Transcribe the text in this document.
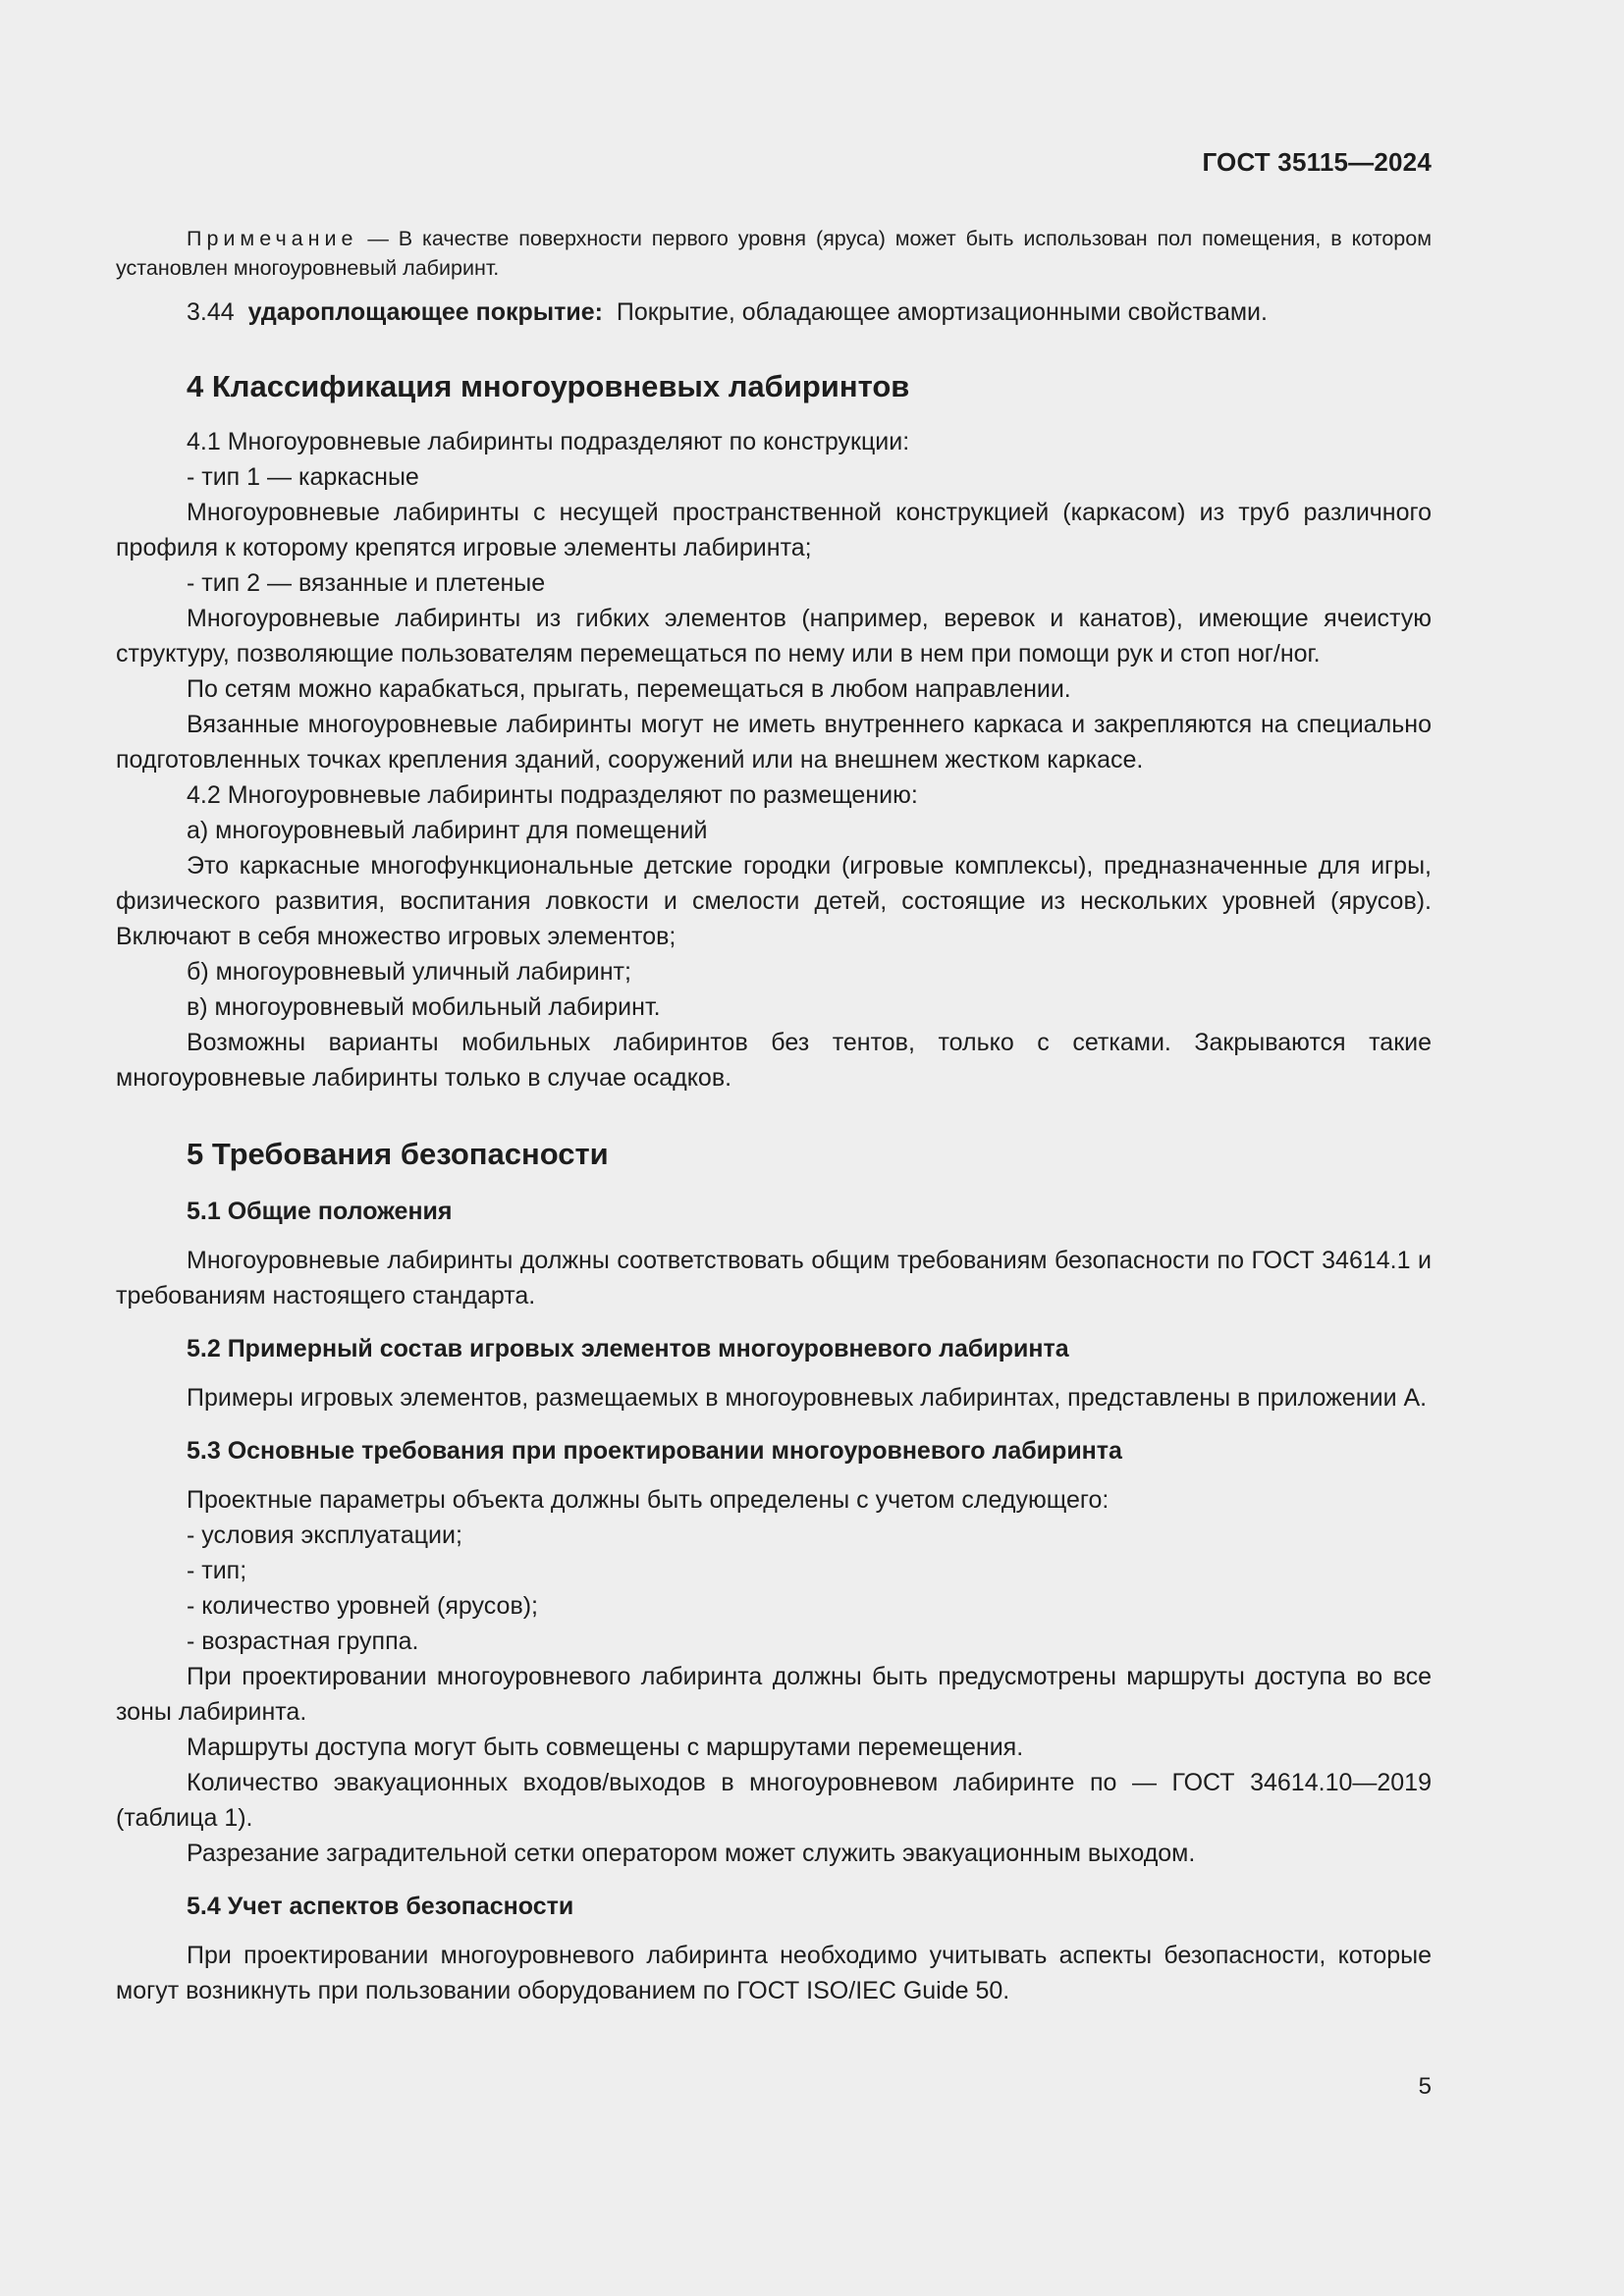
ГОСТ 35115—2024

Примечание — В качестве поверхности первого уровня (яруса) может быть использован пол помещения, в котором установлен многоуровневый лабиринт.

3.44 удароплощающее покрытие: Покрытие, обладающее амортизационными свойствами.

4 Классификация многоуровневых лабиринтов

4.1 Многоуровневые лабиринты подразделяют по конструкции:

- тип 1 — каркасные

Многоуровневые лабиринты с несущей пространственной конструкцией (каркасом) из труб различного профиля к которому крепятся игровые элементы лабиринта;

- тип 2 — вязанные и плетеные

Многоуровневые лабиринты из гибких элементов (например, веревок и канатов), имеющие ячеистую структуру, позволяющие пользователям перемещаться по нему или в нем при помощи рук и стоп ног/ног.

По сетям можно карабкаться, прыгать, перемещаться в любом направлении.

Вязанные многоуровневые лабиринты могут не иметь внутреннего каркаса и закрепляются на специально подготовленных точках крепления зданий, сооружений или на внешнем жестком каркасе.

4.2 Многоуровневые лабиринты подразделяют по размещению:

а) многоуровневый лабиринт для помещений

Это каркасные многофункциональные детские городки (игровые комплексы), предназначенные для игры, физического развития, воспитания ловкости и смелости детей, состоящие из нескольких уровней (ярусов). Включают в себя множество игровых элементов;

б) многоуровневый уличный лабиринт;

в) многоуровневый мобильный лабиринт.

Возможны варианты мобильных лабиринтов без тентов, только с сетками. Закрываются такие многоуровневые лабиринты только в случае осадков.

5 Требования безопасности
5.1 Общие положения

Многоуровневые лабиринты должны соответствовать общим требованиям безопасности по ГОСТ 34614.1 и требованиям настоящего стандарта.

5.2 Примерный состав игровых элементов многоуровневого лабиринта

Примеры игровых элементов, размещаемых в многоуровневых лабиринтах, представлены в приложении А.

5.3 Основные требования при проектировании многоуровневого лабиринта

Проектные параметры объекта должны быть определены с учетом следующего:

- условия эксплуатации;

- тип;

- количество уровней (ярусов);

- возрастная группа.

При проектировании многоуровневого лабиринта должны быть предусмотрены маршруты доступа во все зоны лабиринта.

Маршруты доступа могут быть совмещены с маршрутами перемещения.

Количество эвакуационных входов/выходов в многоуровневом лабиринте по — ГОСТ 34614.10—2019 (таблица 1).

Разрезание заградительной сетки оператором может служить эвакуационным выходом.

5.4 Учет аспектов безопасности

При проектировании многоуровневого лабиринта необходимо учитывать аспекты безопасности, которые могут возникнуть при пользовании оборудованием по ГОСТ ISO/IEC Guide 50.

5
